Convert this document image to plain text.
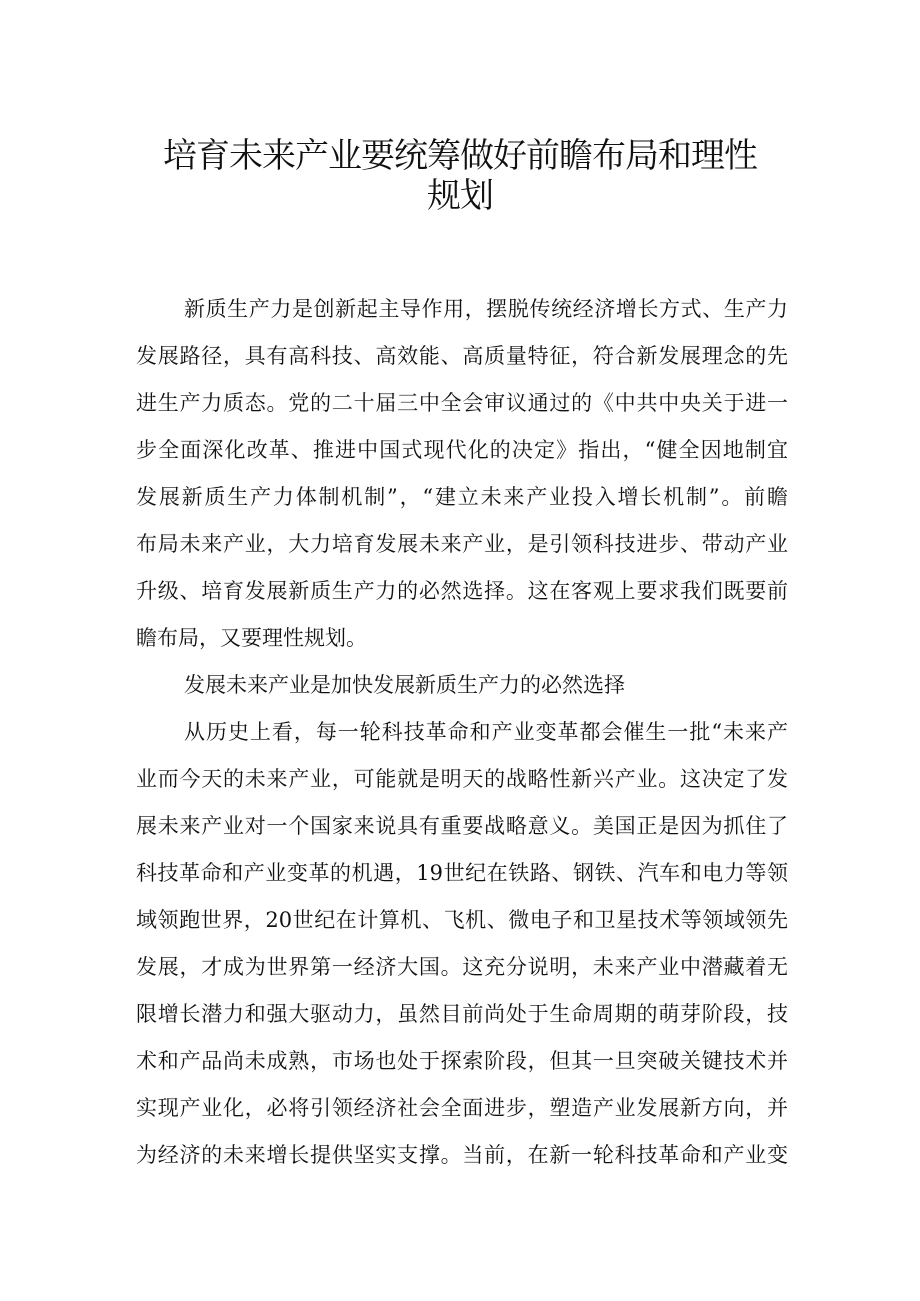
培育未来产业要统筹做好前瞻布局和理性
规划
新质生产力是创新起主导作用，摆脱传统经济增长方式、生产力
发展路径，具有高科技、高效能、高质量特征，符合新发展理念的先
进生产力质态。党的二十届三中全会审议通过的《中共中央关于进一
步全面深化改革、推进中国式现代化的决定》指出，“健全因地制宜
发展新质生产力体制机制”，“建立未来产业投入增长机制”。前瞻
布局未来产业，大力培育发展未来产业，是引领科技进步、带动产业
升级、培育发展新质生产力的必然选择。这在客观上要求我们既要前
瞻布局，又要理性规划。
发展未来产业是加快发展新质生产力的必然选择
从历史上看，每一轮科技革命和产业变革都会催生一批“未来产
业而今天的未来产业，可能就是明天的战略性新兴产业。这决定了发
展未来产业对一个国家来说具有重要战略意义。美国正是因为抓住了
科技革命和产业变革的机遇，19世纪在铁路、钢铁、汽车和电力等领
域领跑世界，20世纪在计算机、飞机、微电子和卫星技术等领域领先
发展，才成为世界第一经济大国。这充分说明，未来产业中潜藏着无
限增长潜力和强大驱动力，虽然目前尚处于生命周期的萌芽阶段，技
术和产品尚未成熟，市场也处于探索阶段，但其一旦突破关键技术并
实现产业化，必将引领经济社会全面进步，塑造产业发展新方向，并
为经济的未来增长提供坚实支撑。当前，在新一轮科技革命和产业变
